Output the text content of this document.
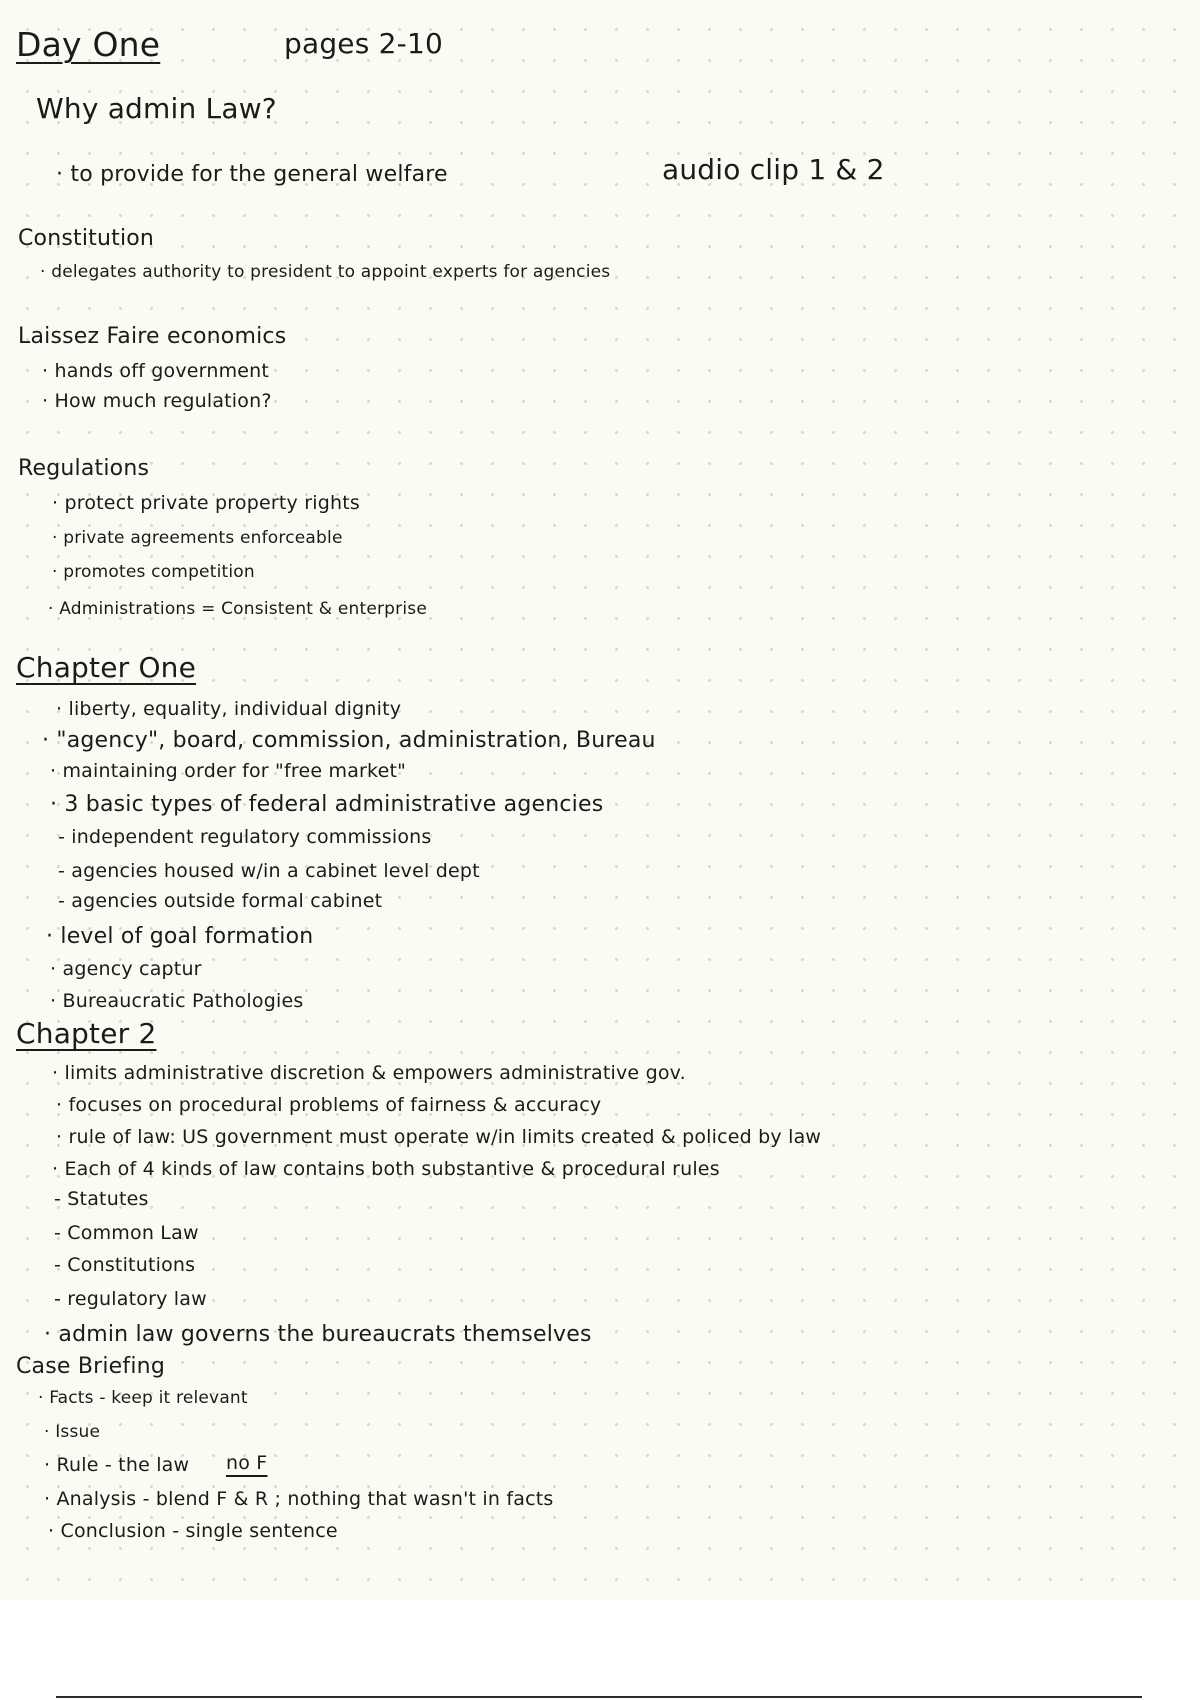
Day One	pages 2-10
audio clip 1 & 2
Why admin Law?
· to provide for the general welfare
Constitution
· delegates authority to president to appoint experts for agencies
Laissez Faire economics
· hands off government
· How much regulation?
Regulations
· protect private property rights
· private agreements enforceable
· promotes competition
· Administrations = Consistent & enterprise
Chapter One
· liberty, equality, individual dignity
· "agency", board, commission, administration, Bureau
· maintaining order for "free market"
· 3 basic types of federal administrative agencies
- independent regulatory commissions
- agencies housed w/in a cabinet level dept
- agencies outside formal cabinet
· level of goal formation
· agency captur
· Bureaucratic Pathologies
Chapter 2
· limits administrative discretion & empowers administrative gov.
· focuses on procedural problems of fairness & accuracy
· rule of law: US government must operate w/in limits created & policed by law
· Each of 4 kinds of law contains both substantive & procedural rules
- Statutes
- Common Law
- Constitutions
- regulatory law
· admin law governs the bureaucrats themselves
Case Briefing
· Facts - keep it relevant
· Issue
· Rule - the law no F
· Analysis - blend F & R ; nothing that wasn't in facts
· Conclusion - single sentence
